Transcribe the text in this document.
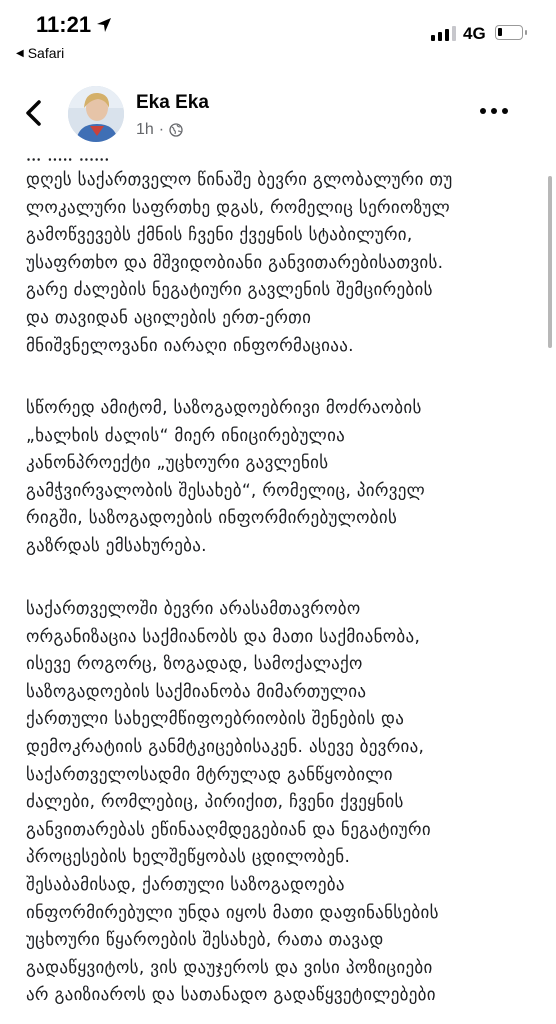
11:21
◀ Safari
4G
Eka Eka
1h ·
⸳⸳⸳ ⸳⸳⸳⸳⸳ ⸳⸳⸳⸳⸳⸳

დღეს საქართველო წინაშე ბევრი გლობალური თუ
ლოკალური საფრთხე დგას, რომელიც სერიოზულ
გამოწვევებს ქმნის ჩვენი ქვეყნის სტაბილური,
უსაფრთხო და მშვიდობიანი განვითარებისათვის.
გარე ძალების ნეგატიური გავლენის შემცირების
და თავიდან აცილების ერთ-ერთი
მნიშვნელოვანი იარაღი ინფორმაციაა.

სწორედ ამიტომ, საზოგადოებრივი მოძრაობის
„ხალხის ძალის“ მიერ ინიცირებულია
კანონპროექტი „უცხოური გავლენის
გამჭვირვალობის შესახებ“, რომელიც, პირველ
რიგში, საზოგადოების ინფორმირებულობის
გაზრდას ემსახურება.

საქართველოში ბევრი არასამთავრობო
ორგანიზაცია საქმიანობს და მათი საქმიანობა,
ისევე როგორც, ზოგადად, სამოქალაქო
საზოგადოების საქმიანობა მიმართულია
ქართული სახელმწიფოებრიობის შენების და
დემოკრატიის განმტკიცებისაკენ. ასევე ბევრია,
საქართველოსადმი მტრულად განწყობილი
ძალები, რომლებიც, პირიქით, ჩვენი ქვეყნის
განვითარებას ეწინააღმდეგებიან და ნეგატიური
პროცესების ხელშეწყობას ცდილობენ.
შესაბამისად, ქართული საზოგადოება
ინფორმირებული უნდა იყოს მათი დაფინანსების
უცხოური წყაროების შესახებ, რათა თავად
გადაწყვიტოს, ვის დაუჯეროს და ვისი პოზიციები
არ გაიზიაროს და სათანადო გადაწყვეტილებები
